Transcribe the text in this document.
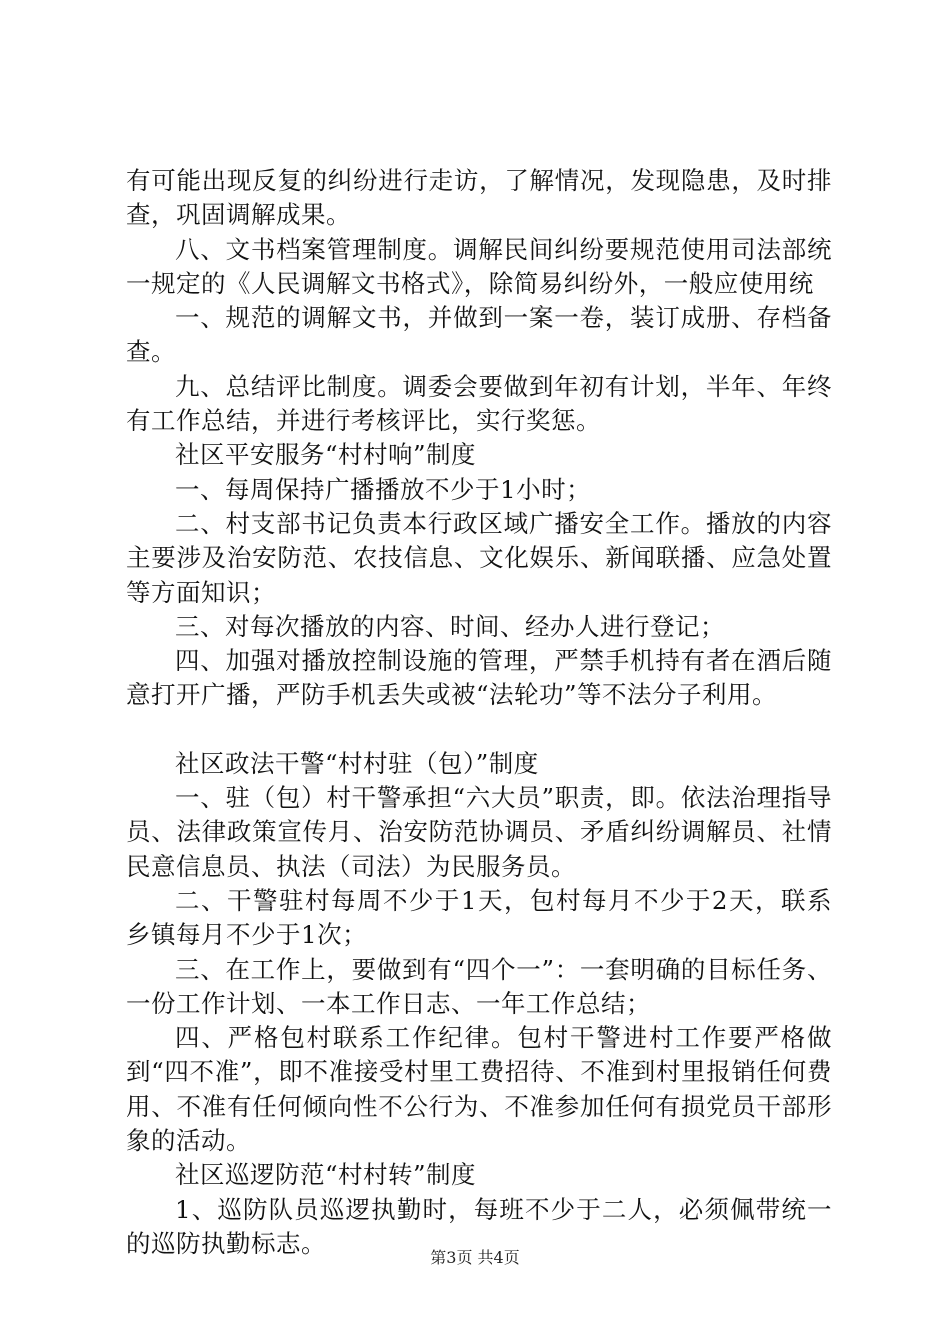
有可能出现反复的纠纷进行走访，了解情况，发现隐患，及时排查，巩固调解成果。

八、文书档案管理制度。调解民间纠纷要规范使用司法部统一规定的《人民调解文书格式》，除简易纠纷外，一般应使用统

一、规范的调解文书，并做到一案一卷，装订成册、存档备查。

九、总结评比制度。调委会要做到年初有计划，半年、年终有工作总结，并进行考核评比，实行奖惩。

社区平安服务“村村响”制度

一、每周保持广播播放不少于1小时；

二、村支部书记负责本行政区域广播安全工作。播放的内容主要涉及治安防范、农技信息、文化娱乐、新闻联播、应急处置等方面知识；

三、对每次播放的内容、时间、经办人进行登记；

四、加强对播放控制设施的管理，严禁手机持有者在酒后随意打开广播，严防手机丢失或被“法轮功”等不法分子利用。

社区政法干警“村村驻（包）”制度

一、驻（包）村干警承担“六大员”职责，即。依法治理指导员、法律政策宣传月、治安防范协调员、矛盾纠纷调解员、社情民意信息员、执法（司法）为民服务员。

二、干警驻村每周不少于1天，包村每月不少于2天，联系乡镇每月不少于1次；

三、在工作上，要做到有“四个一”：一套明确的目标任务、一份工作计划、一本工作日志、一年工作总结；

四、严格包村联系工作纪律。包村干警进村工作要严格做到“四不准”，即不准接受村里工费招待、不准到村里报销任何费用、不准有任何倾向性不公行为、不准参加任何有损党员干部形象的活动。

社区巡逻防范“村村转”制度

1、巡防队员巡逻执勤时，每班不少于二人，必须佩带统一的巡防执勤标志。	第3页 共4页
